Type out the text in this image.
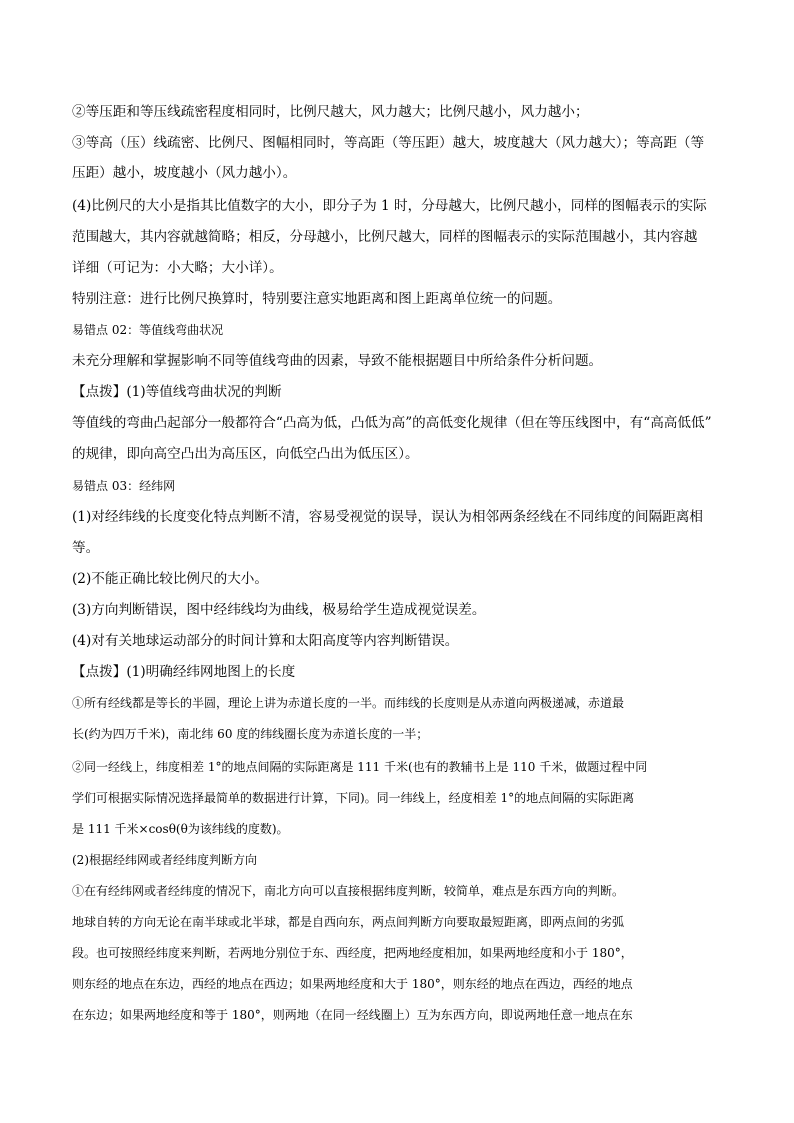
②等压距和等压线疏密程度相同时，比例尺越大，风力越大；比例尺越小，风力越小；
③等高（压）线疏密、比例尺、图幅相同时，等高距（等压距）越大，坡度越大（风力越大）；等高距（等
压距）越小，坡度越小（风力越小）。
(4)比例尺的大小是指其比值数字的大小，即分子为 1 时，分母越大，比例尺越小，同样的图幅表示的实际
范围越大，其内容就越简略；相反，分母越小，比例尺越大，同样的图幅表示的实际范围越小，其内容越
详细（可记为：小大略；大小详）。
特别注意：进行比例尺换算时，特别要注意实地距离和图上距离单位统一的问题。
易错点 02：等值线弯曲状况
未充分理解和掌握影响不同等值线弯曲的因素，导致不能根据题目中所给条件分析问题。
【点拨】(1)等值线弯曲状况的判断
等值线的弯曲凸起部分一般都符合“凸高为低，凸低为高”的高低变化规律（但在等压线图中，有“高高低低”
的规律，即向高空凸出为高压区，向低空凸出为低压区）。
易错点 03：经纬网
(1)对经纬线的长度变化特点判断不清，容易受视觉的误导，误认为相邻两条经线在不同纬度的间隔距离相
等。
(2)不能正确比较比例尺的大小。
(3)方向判断错误，图中经纬线均为曲线，极易给学生造成视觉误差。
(4)对有关地球运动部分的时间计算和太阳高度等内容判断错误。
【点拨】(1)明确经纬网地图上的长度
①所有经线都是等长的半圆，理论上讲为赤道长度的一半。而纬线的长度则是从赤道向两极递减，赤道最
长(约为四万千米)，南北纬 60 度的纬线圈长度为赤道长度的一半；
②同一经线上，纬度相差 1°的地点间隔的实际距离是 111 千米(也有的教辅书上是 110 千米，做题过程中同
学们可根据实际情况选择最简单的数据进行计算，下同)。同一纬线上，经度相差 1°的地点间隔的实际距离
是 111 千米×cosθ(θ为该纬线的度数)。
(2)根据经纬网或者经纬度判断方向
①在有经纬网或者经纬度的情况下，南北方向可以直接根据纬度判断，较简单，难点是东西方向的判断。
地球自转的方向无论在南半球或北半球，都是自西向东，两点间判断方向要取最短距离，即两点间的劣弧
段。也可按照经纬度来判断，若两地分别位于东、西经度，把两地经度相加，如果两地经度和小于 180°，
则东经的地点在东边，西经的地点在西边；如果两地经度和大于 180°，则东经的地点在西边，西经的地点
在东边；如果两地经度和等于 180°，则两地（在同一经线圈上）互为东西方向，即说两地任意一地点在东
